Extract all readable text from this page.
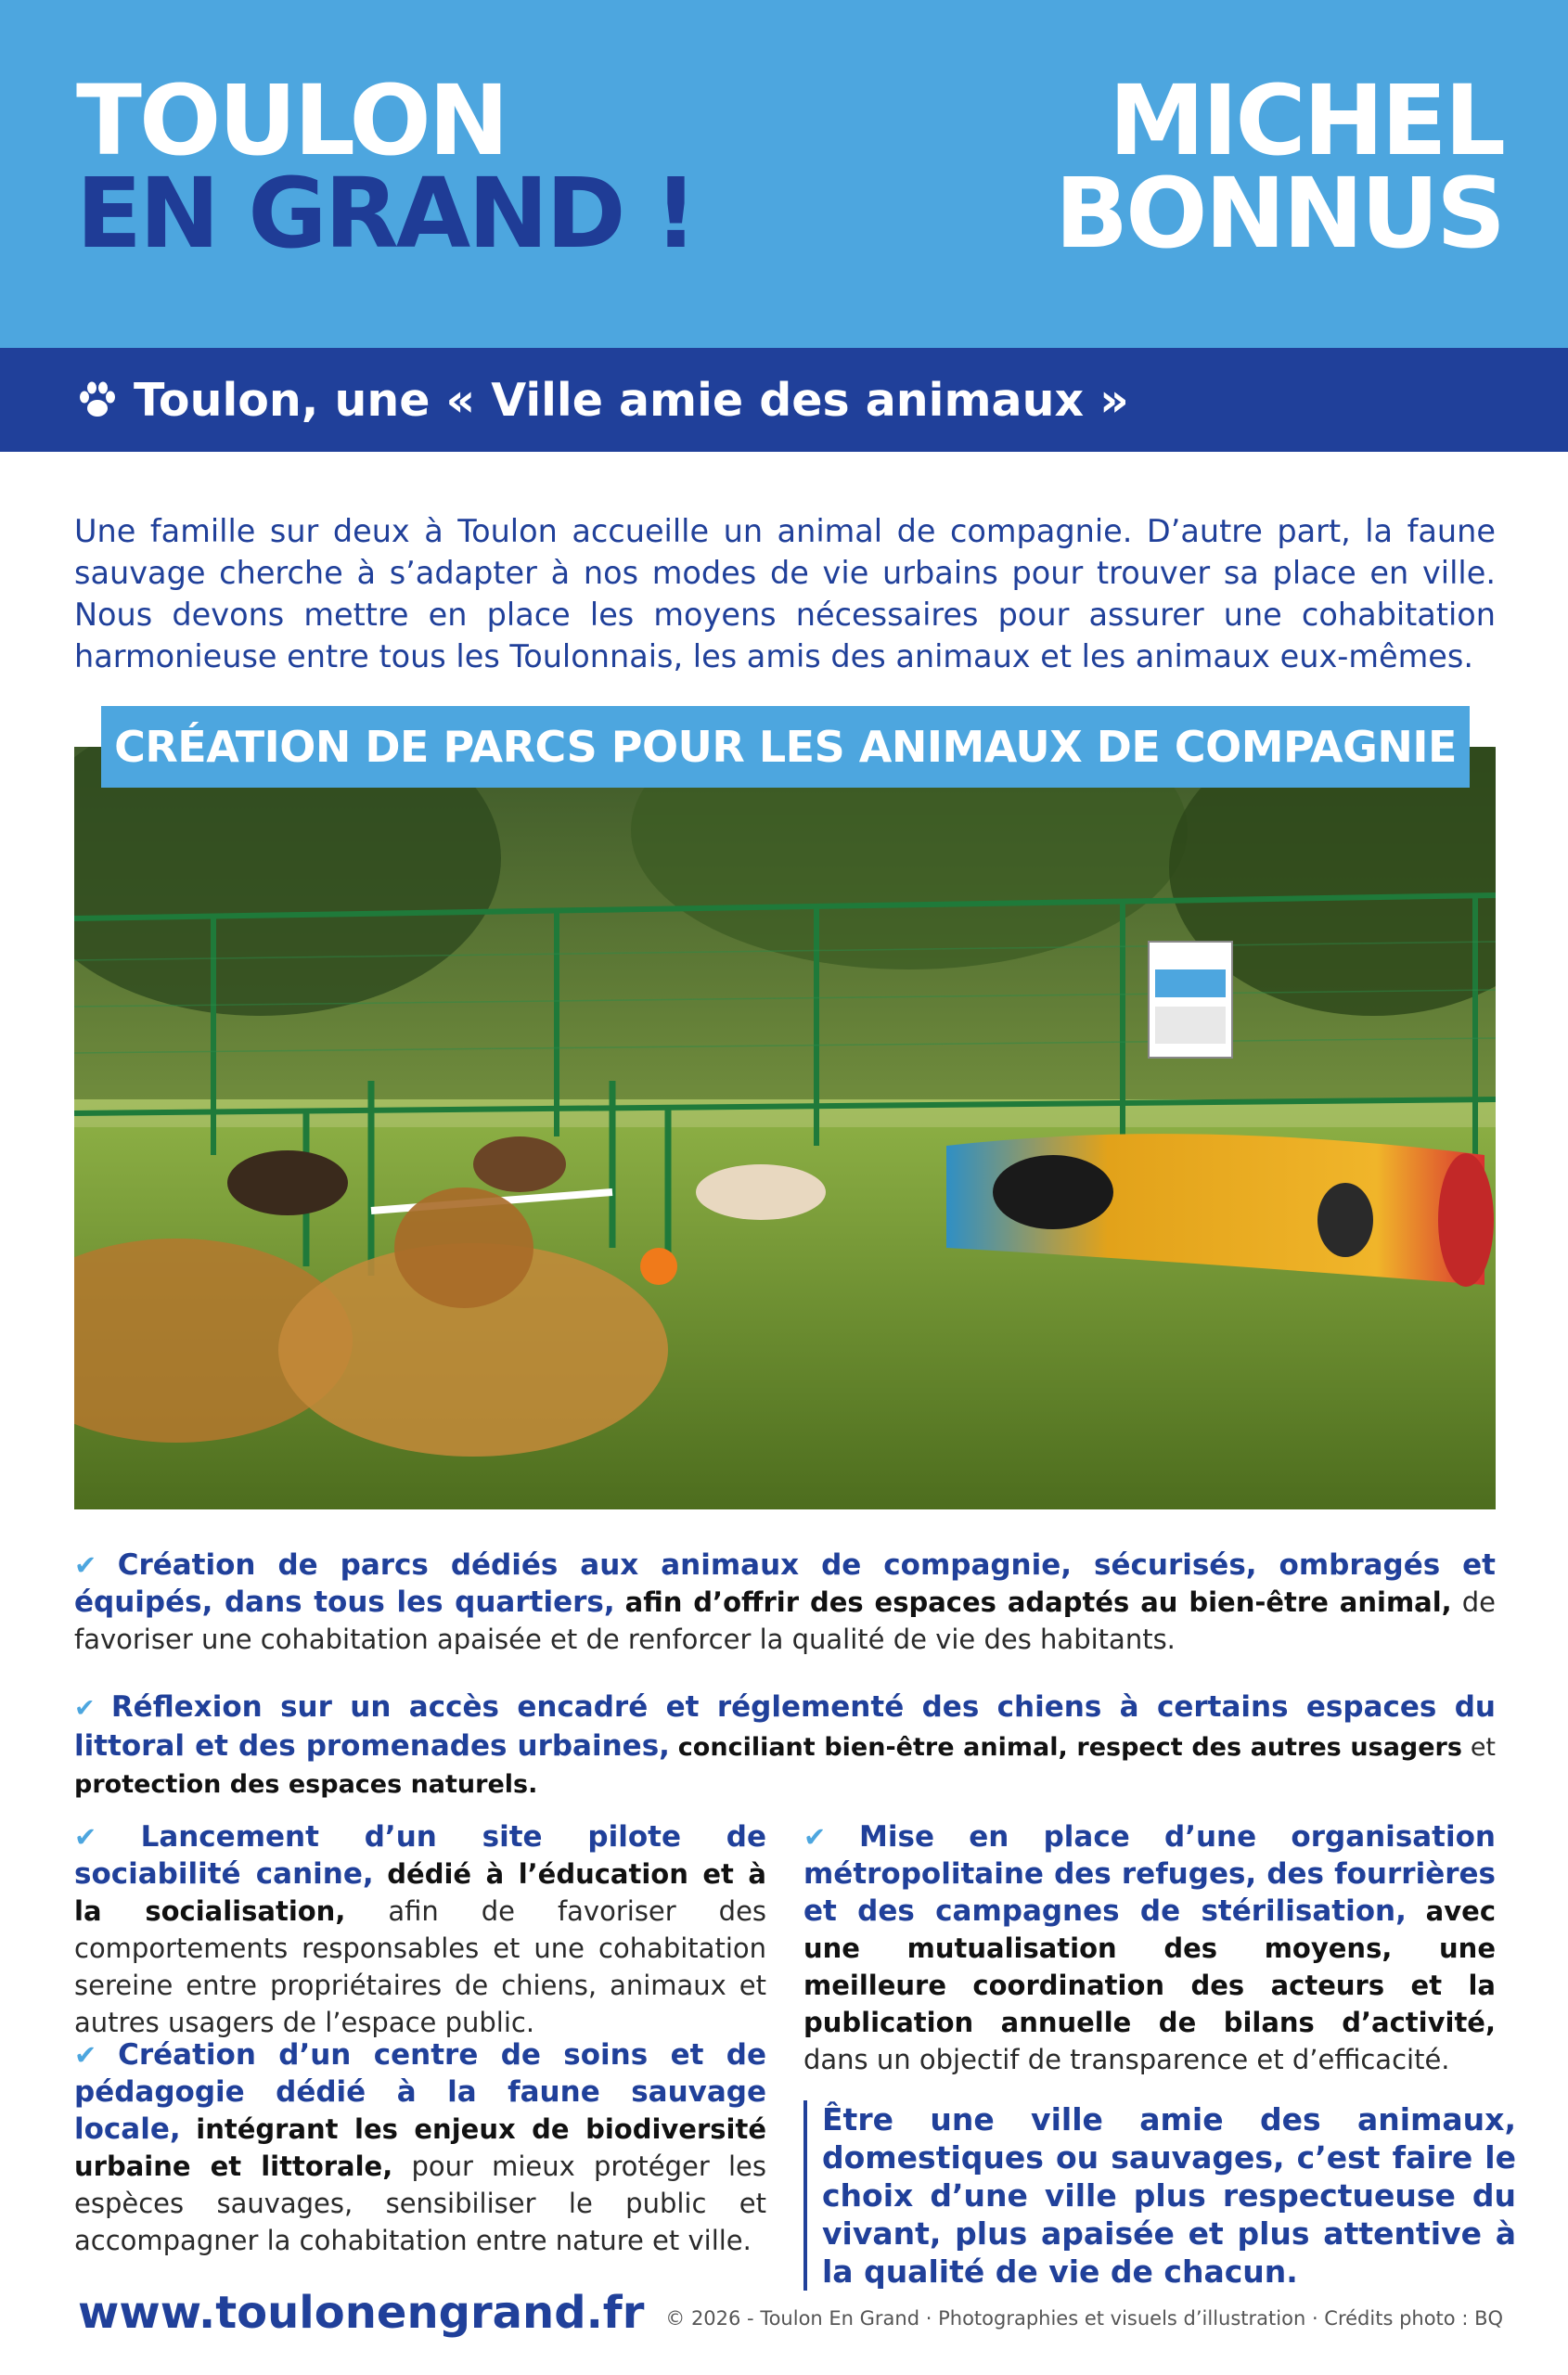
TOULON
EN GRAND !
MICHEL
BONNUS
Toulon, une « Ville amie des animaux »

Une famille sur deux à Toulon accueille un animal de compagnie. D’autre part, la faune sauvage cherche à s’adapter à nos modes de vie urbains pour trouver sa place en ville. Nous devons mettre en place les moyens nécessaires pour assurer une cohabitation harmonieuse entre tous les Toulonnais, les amis des animaux et les animaux eux-mêmes.

CRÉATION DE PARCS POUR LES ANIMAUX DE COMPAGNIE
✔ Création de parcs dédiés aux animaux de compagnie, sécurisés, ombragés et équipés, dans tous les quartiers, afin d’offrir des espaces adaptés au bien-être animal, de favoriser une cohabitation apaisée et de renforcer la qualité de vie des habitants.
✔ Réflexion sur un accès encadré et réglementé des chiens à certains espaces du littoral et des promenades urbaines, conciliant bien-être animal, respect des autres usagers et protection des espaces naturels.
✔ Lancement d’un site pilote de sociabilité canine, dédié à l’éducation et à la socialisation, afin de favoriser des comportements responsables et une cohabitation sereine entre propriétaires de chiens, animaux et autres usagers de l’espace public.
✔ Création d’un centre de soins et de pédagogie dédié à la faune sauvage locale, intégrant les enjeux de biodiversité urbaine et littorale, pour mieux protéger les espèces sauvages, sensibiliser le public et accompagner la cohabitation entre nature et ville.
✔ Mise en place d’une organisation métropolitaine des refuges, des fourrières et des campagnes de stérilisation, avec une mutualisation des moyens, une meilleure coordination des acteurs et la publication annuelle de bilans d’activité, dans un objectif de transparence et d’efficacité.
Être une ville amie des animaux, domestiques ou sauvages, c’est faire le choix d’une ville plus respectueuse du vivant, plus apaisée et plus attentive à la qualité de vie de chacun.
www.toulonengrand.fr © 2026 - Toulon En Grand · Photographies et visuels d’illustration · Crédits photo : BQ
